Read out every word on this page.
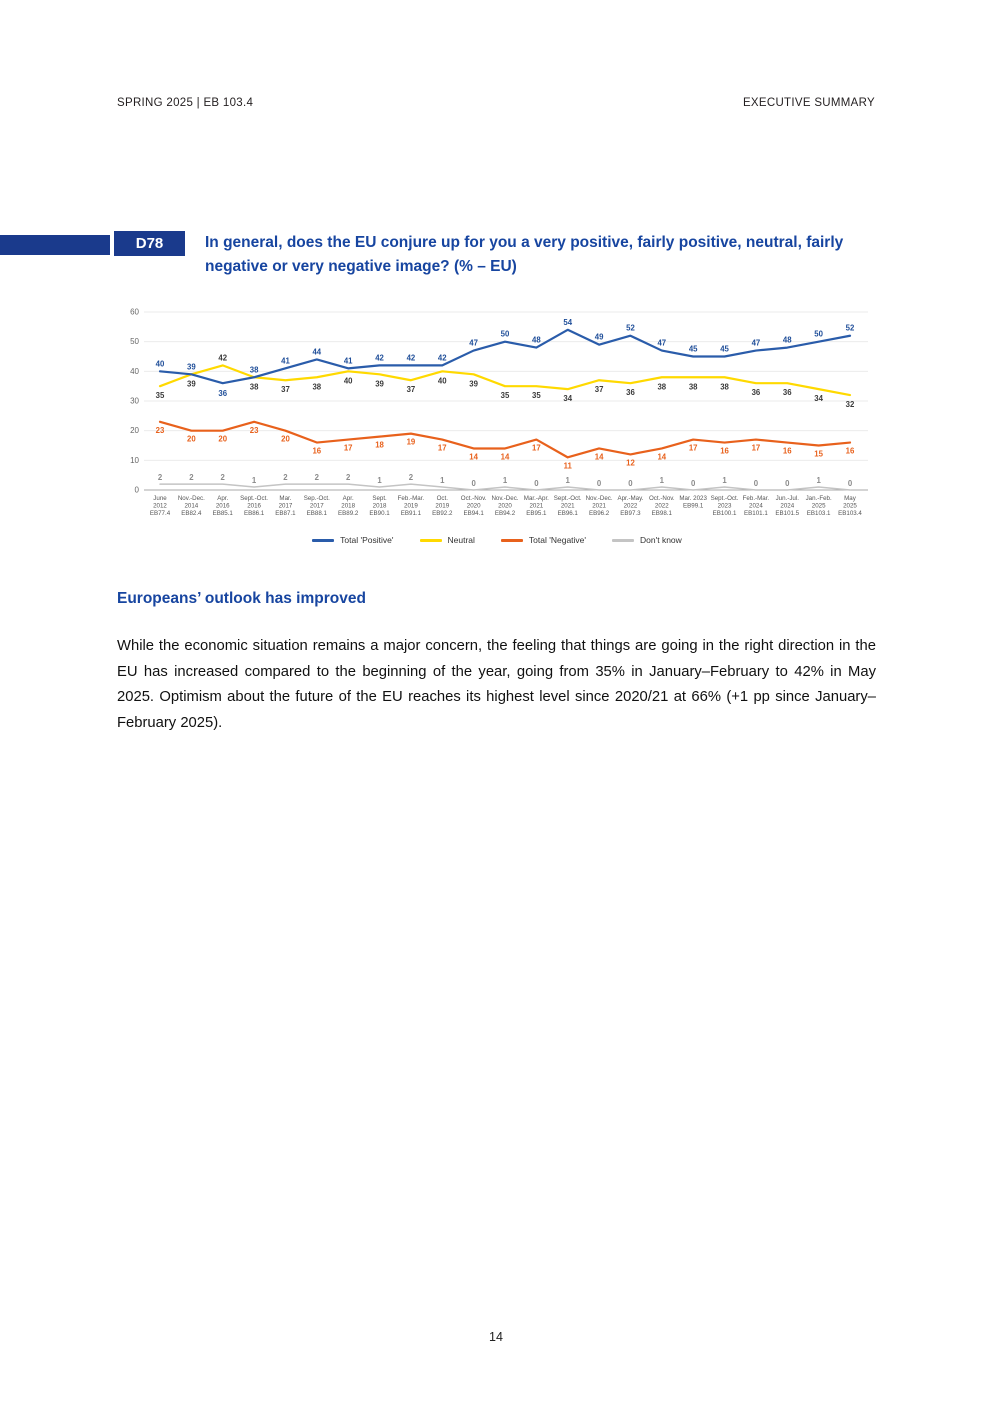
SPRING 2025 | EB 103.4	EXECUTIVE SUMMARY
D78	In general, does the EU conjure up for you a very positive, fairly positive, neutral, fairly negative or very negative image? (% – EU)
0
10
20
30
40
50
60
June
2012
EB77.4
Nov.-Dec.
2014
EB82.4
Apr.
2016
EB85.1
Sept.-Oct.
2016
EB86.1
Mar.
2017
EB87.1
Sep.-Oct.
2017
EB88.1
Apr.
2018
EB89.2
Sept.
2018
EB90.1
Feb.-Mar.
2019
EB91.1
Oct.
2019
EB92.2
Oct.-Nov.
2020
EB94.1
Nov.-Dec.
2020
EB94.2
Mar.-Apr.
2021
EB95.1
Sept.-Oct.
2021
EB96.1
Nov.-Dec.
2021
EB96.2
Apr.-May.
2022
EB97.3
Oct.-Nov.
2022
EB98.1
Mar. 2023
EB99.1
Sept.-Oct.
2023
EB100.1
Feb.-Mar.
2024
EB101.1
Jun.-Jul.
2024
EB101.5
Jan.-Feb.
2025
EB103.1
May
2025
EB103.4
40	39
36
38
41
44
41	42	42	42
47
50
48
54
49
52
47
45	45
47	48
50
52
35
39
42
38	37	38
40	39
37
40	39
35	35	34
37	36
38	38	38
36	36
34
32
23
20	20
23
20
16	17	18	19
17
14	14
17
11
14
12
14
17	16	17	16	15	16
2	2	2	1	2	2	2	1	2	1	0	1	0	1	0	0	1	0	1	0	0	1	0
Total 'Positive'	Neutral	Total 'Negative'	Don't know
Europeans’ outlook has improved

While the economic situation remains a major concern, the feeling that things are going in the right direction in the EU has increased compared to the beginning of the year, going from 35% in January–February to 42% in May 2025. Optimism about the future of the EU reaches its highest level since 2020/21 at 66% (+1 pp since January–February 2025).

14
